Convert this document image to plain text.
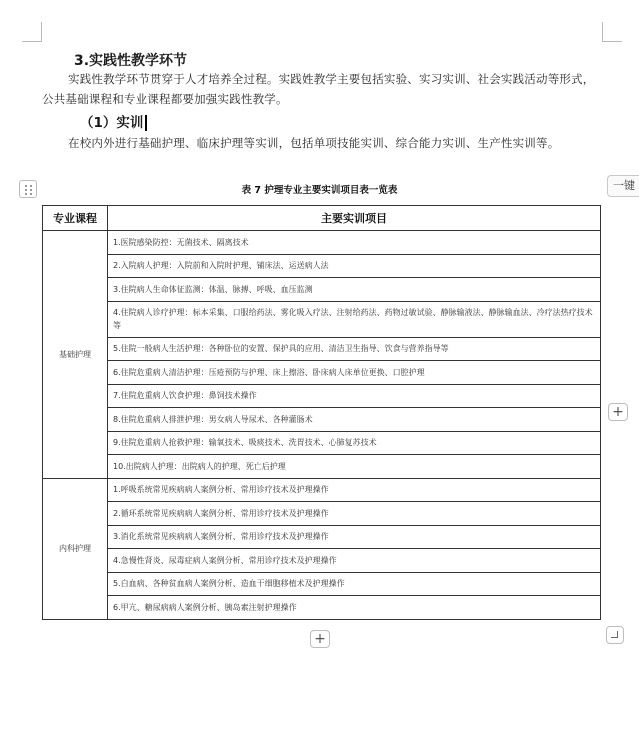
3.实践性教学环节
实践性教学环节贯穿于人才培养全过程。实践姓教学主要包括实验、实习实训、社会实践活动等形式，公共基础课程和专业课程都要加强实践性教学。
（1）实训
在校内外进行基础护理、临床护理等实训，包括单项技能实训、综合能力实训、生产性实训等。
一键
表 7 护理专业主要实训项目表一览表
专业课程	主要实训项目
基础护理	1.医院感染防控：无菌技术、隔离技术
	2.入院病人护理：入院前和入院时护理、铺床法、运送病人法
	3.住院病人生命体征监测：体温、脉搏、呼吸、血压监测
	4.住院病人诊疗护理：标本采集、口服给药法、雾化吸入疗法、注射给药法、药物过敏试验、静脉输液法、静脉输血法、冷疗法热疗技术等
	5.住院一般病人生活护理：各种卧位的安置、保护具的应用、清洁卫生指导、饮食与营养指导等
	6.住院危重病人清洁护理：压疮预防与护理、床上擦浴、卧床病人床单位更换、口腔护理
	7.住院危重病人饮食护理：鼻饲技术操作
	8.住院危重病人排泄护理：男女病人导尿术、各种灌肠术
	9.住院危重病人抢救护理：输氧技术、吸痰技术、洗胃技术、心肺复苏技术
	10.出院病人护理：出院病人的护理、死亡后护理
内科护理	1.呼吸系统常见疾病病人案例分析、常用诊疗技术及护理操作
	2.循环系统常见疾病病人案例分析、常用诊疗技术及护理操作
	3.消化系统常见疾病病人案例分析、常用诊疗技术及护理操作
	4.急慢性肾炎、尿毒症病人案例分析、常用诊疗技术及护理操作
	5.白血病、各种贫血病人案例分析、造血干细胞移植术及护理操作
	6.甲亢、糖尿病病人案例分析、胰岛素注射护理操作
+
+
